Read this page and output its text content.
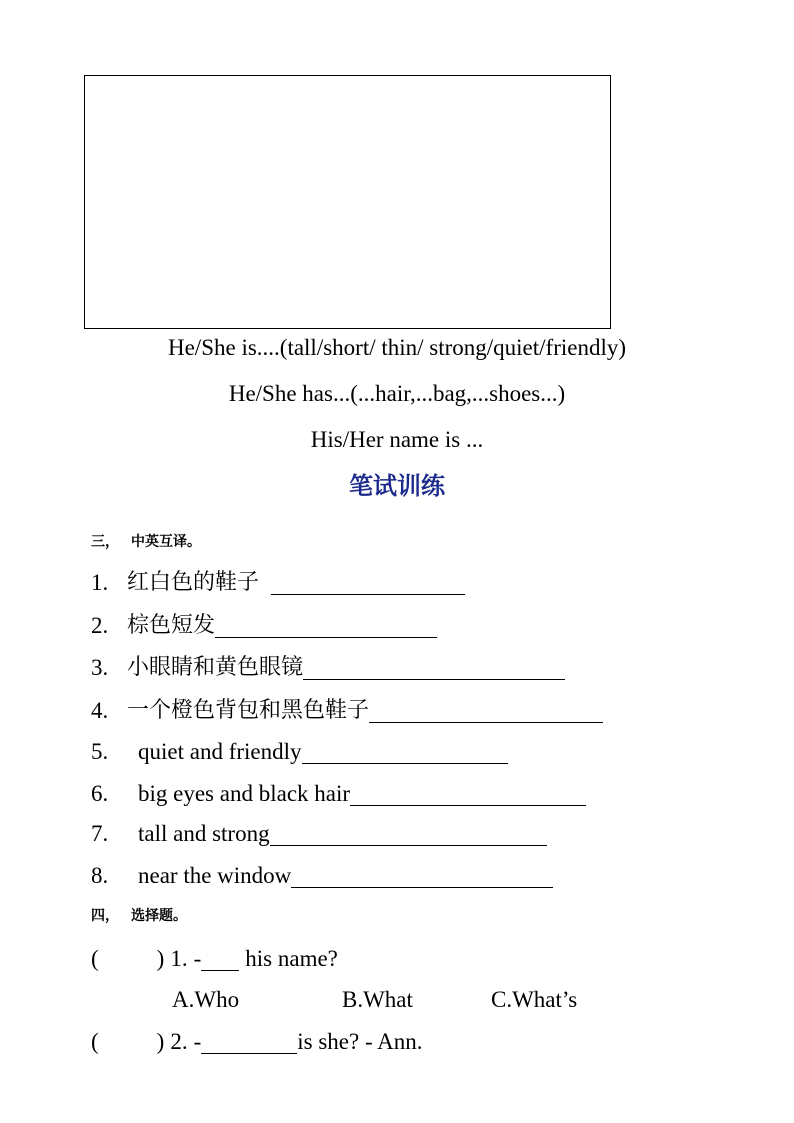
He/She is....(tall/short/ thin/ strong/quiet/friendly)
He/She has...(...hair,...bag,...shoes...)
His/Her name is ...
笔试训练
三， 中英互译。
1. 红白色的鞋子
2. 棕色短发
3. 小眼睛和黄色眼镜
4. 一个橙色背包和黑色鞋子
5.	quiet and friendly
6.	big eyes and black hair
7.	tall and strong
8.	near the window
四， 选择题。
(	) 1. - his name?
A.Who	B.What	C.What’s
(	) 2. -	is she? - Ann.
